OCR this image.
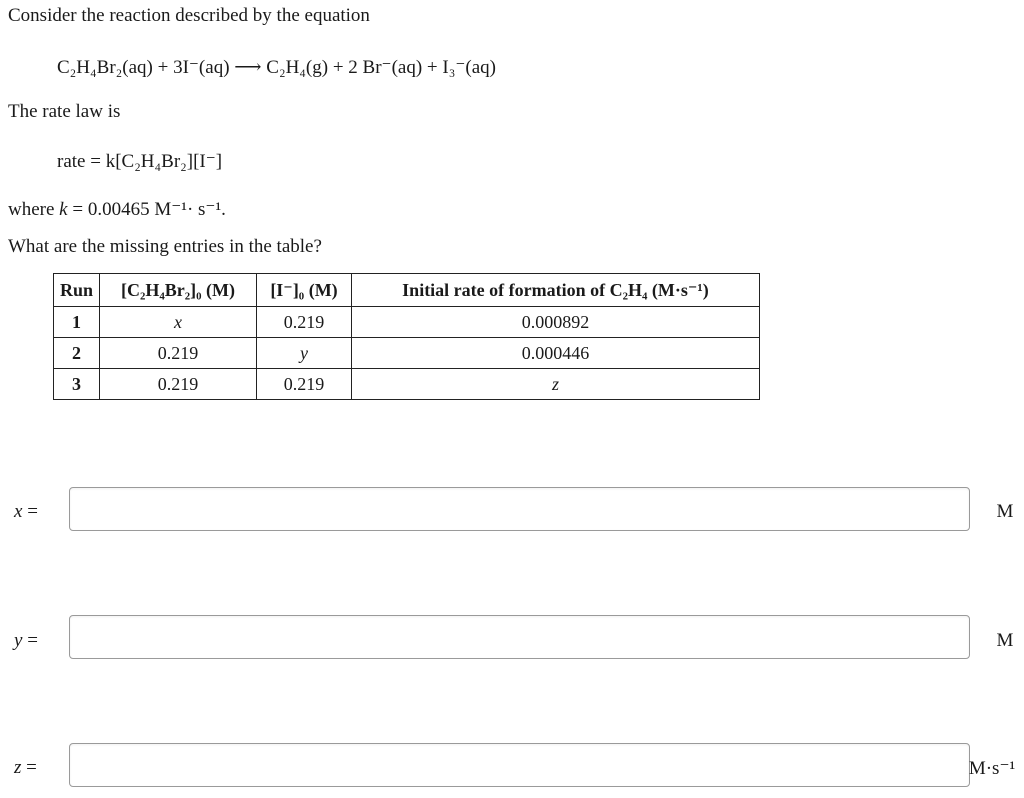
Consider the reaction described by the equation
C₂H₄Br₂(aq) + 3I⁻(aq) ⟶ C₂H₄(g) + 2 Br⁻(aq) + I₃⁻(aq)
The rate law is
rate = k[C₂H₄Br₂][I⁻]
where k = 0.00465 M⁻¹· s⁻¹.
What are the missing entries in the table?
Run	[C₂H₄Br₂]₀ (M)	[I⁻]₀ (M)	Initial rate of formation of C₂H₄ (M·s⁻¹)
1	x	0.219	0.000892
2	0.219	y	0.000446
3	0.219	0.219	z
x =	M
y =	M
z =	M·s⁻¹
